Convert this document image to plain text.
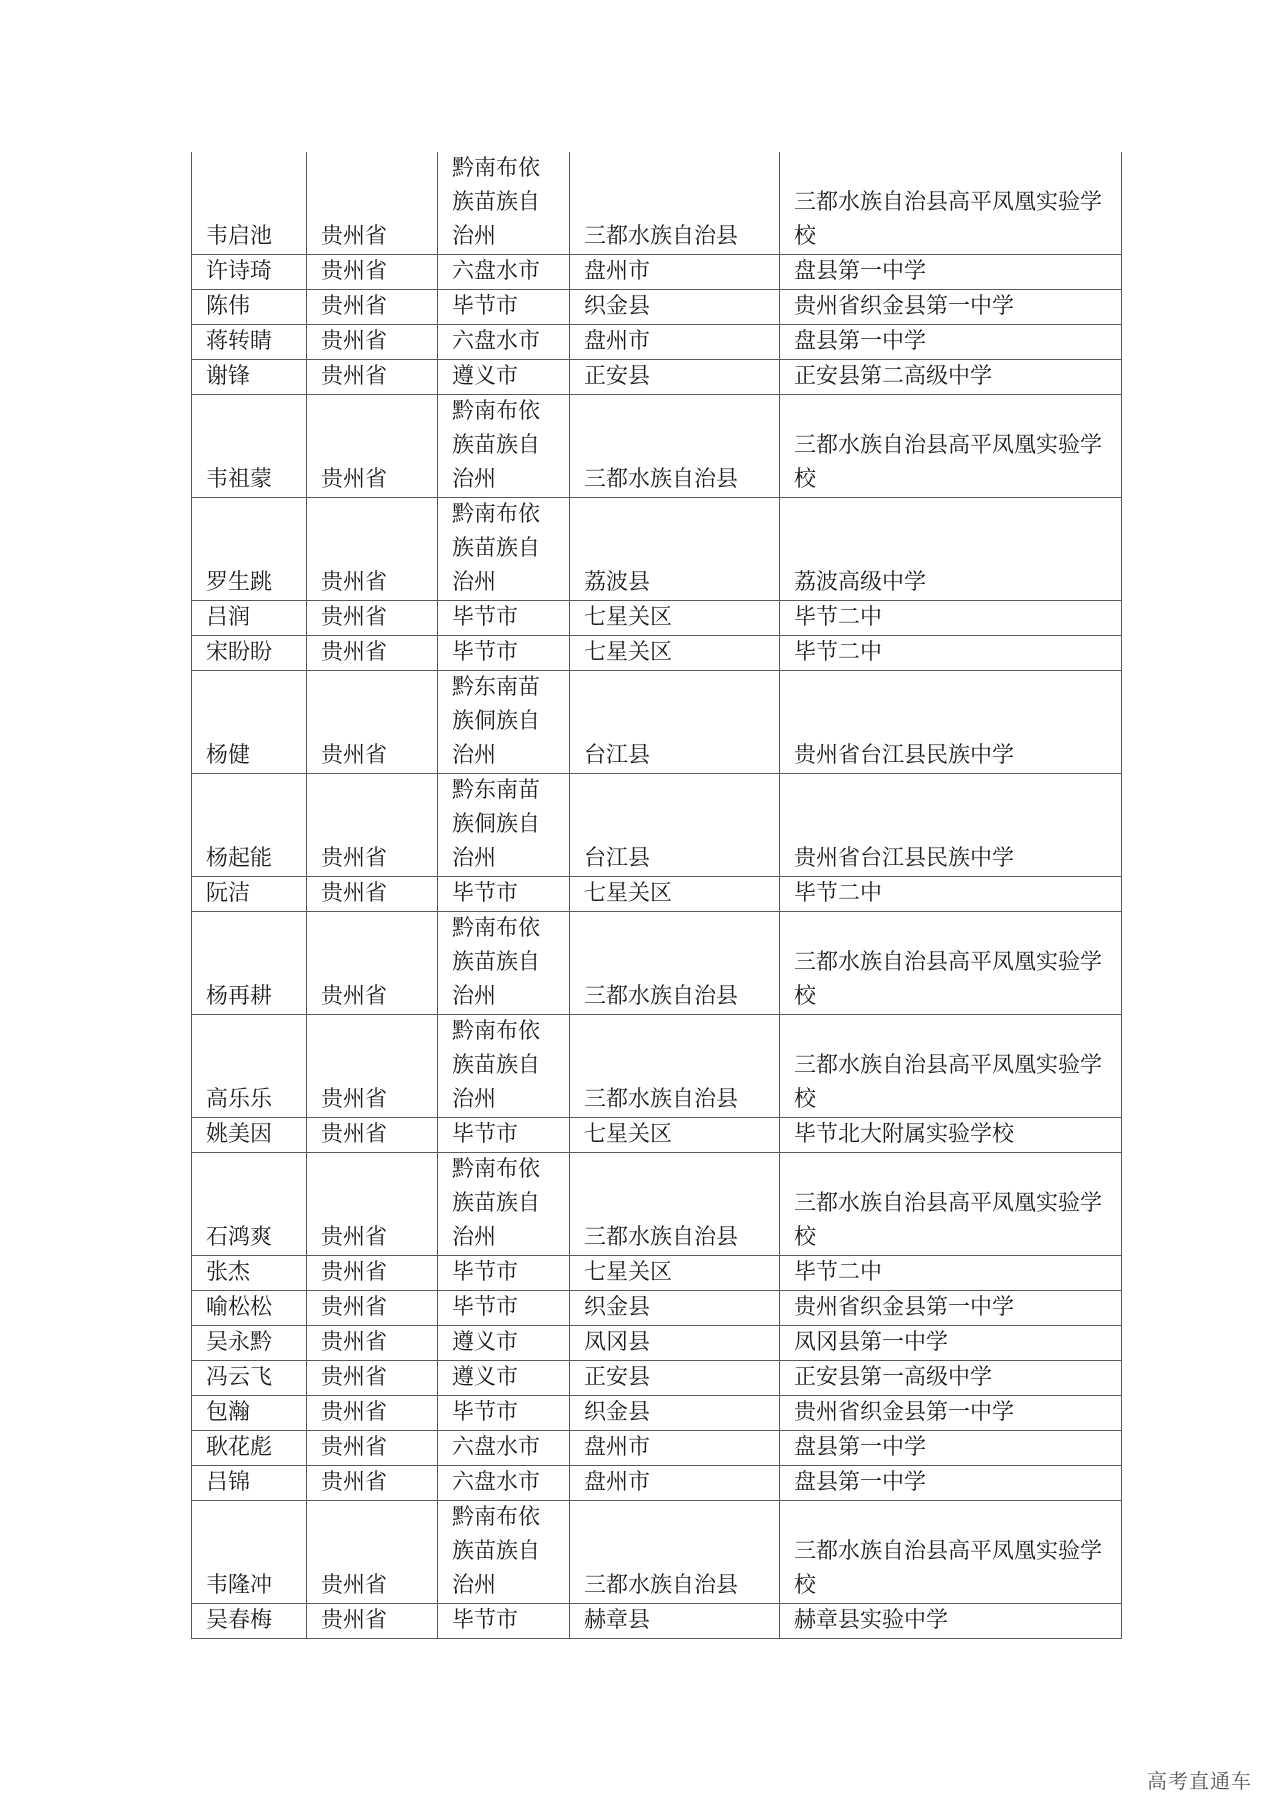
韦启池	贵州省	黔南布依族苗族自治州	三都水族自治县	三都水族自治县高平凤凰实验学校
许诗琦	贵州省	六盘水市	盘州市	盘县第一中学
陈伟	贵州省	毕节市	织金县	贵州省织金县第一中学
蒋转睛	贵州省	六盘水市	盘州市	盘县第一中学
谢锋	贵州省	遵义市	正安县	正安县第二高级中学
韦祖蒙	贵州省	黔南布依族苗族自治州	三都水族自治县	三都水族自治县高平凤凰实验学校
罗生跳	贵州省	黔南布依族苗族自治州	荔波县	荔波高级中学
吕润	贵州省	毕节市	七星关区	毕节二中
宋盼盼	贵州省	毕节市	七星关区	毕节二中
杨健	贵州省	黔东南苗族侗族自治州	台江县	贵州省台江县民族中学
杨起能	贵州省	黔东南苗族侗族自治州	台江县	贵州省台江县民族中学
阮洁	贵州省	毕节市	七星关区	毕节二中
杨再耕	贵州省	黔南布依族苗族自治州	三都水族自治县	三都水族自治县高平凤凰实验学校
高乐乐	贵州省	黔南布依族苗族自治州	三都水族自治县	三都水族自治县高平凤凰实验学校
姚美因	贵州省	毕节市	七星关区	毕节北大附属实验学校
石鸿爽	贵州省	黔南布依族苗族自治州	三都水族自治县	三都水族自治县高平凤凰实验学校
张杰	贵州省	毕节市	七星关区	毕节二中
喻松松	贵州省	毕节市	织金县	贵州省织金县第一中学
吴永黔	贵州省	遵义市	凤冈县	凤冈县第一中学
冯云飞	贵州省	遵义市	正安县	正安县第一高级中学
包瀚	贵州省	毕节市	织金县	贵州省织金县第一中学
耿花彪	贵州省	六盘水市	盘州市	盘县第一中学
吕锦	贵州省	六盘水市	盘州市	盘县第一中学
韦隆冲	贵州省	黔南布依族苗族自治州	三都水族自治县	三都水族自治县高平凤凰实验学校
吴春梅	贵州省	毕节市	赫章县	赫章县实验中学
高考直通车
